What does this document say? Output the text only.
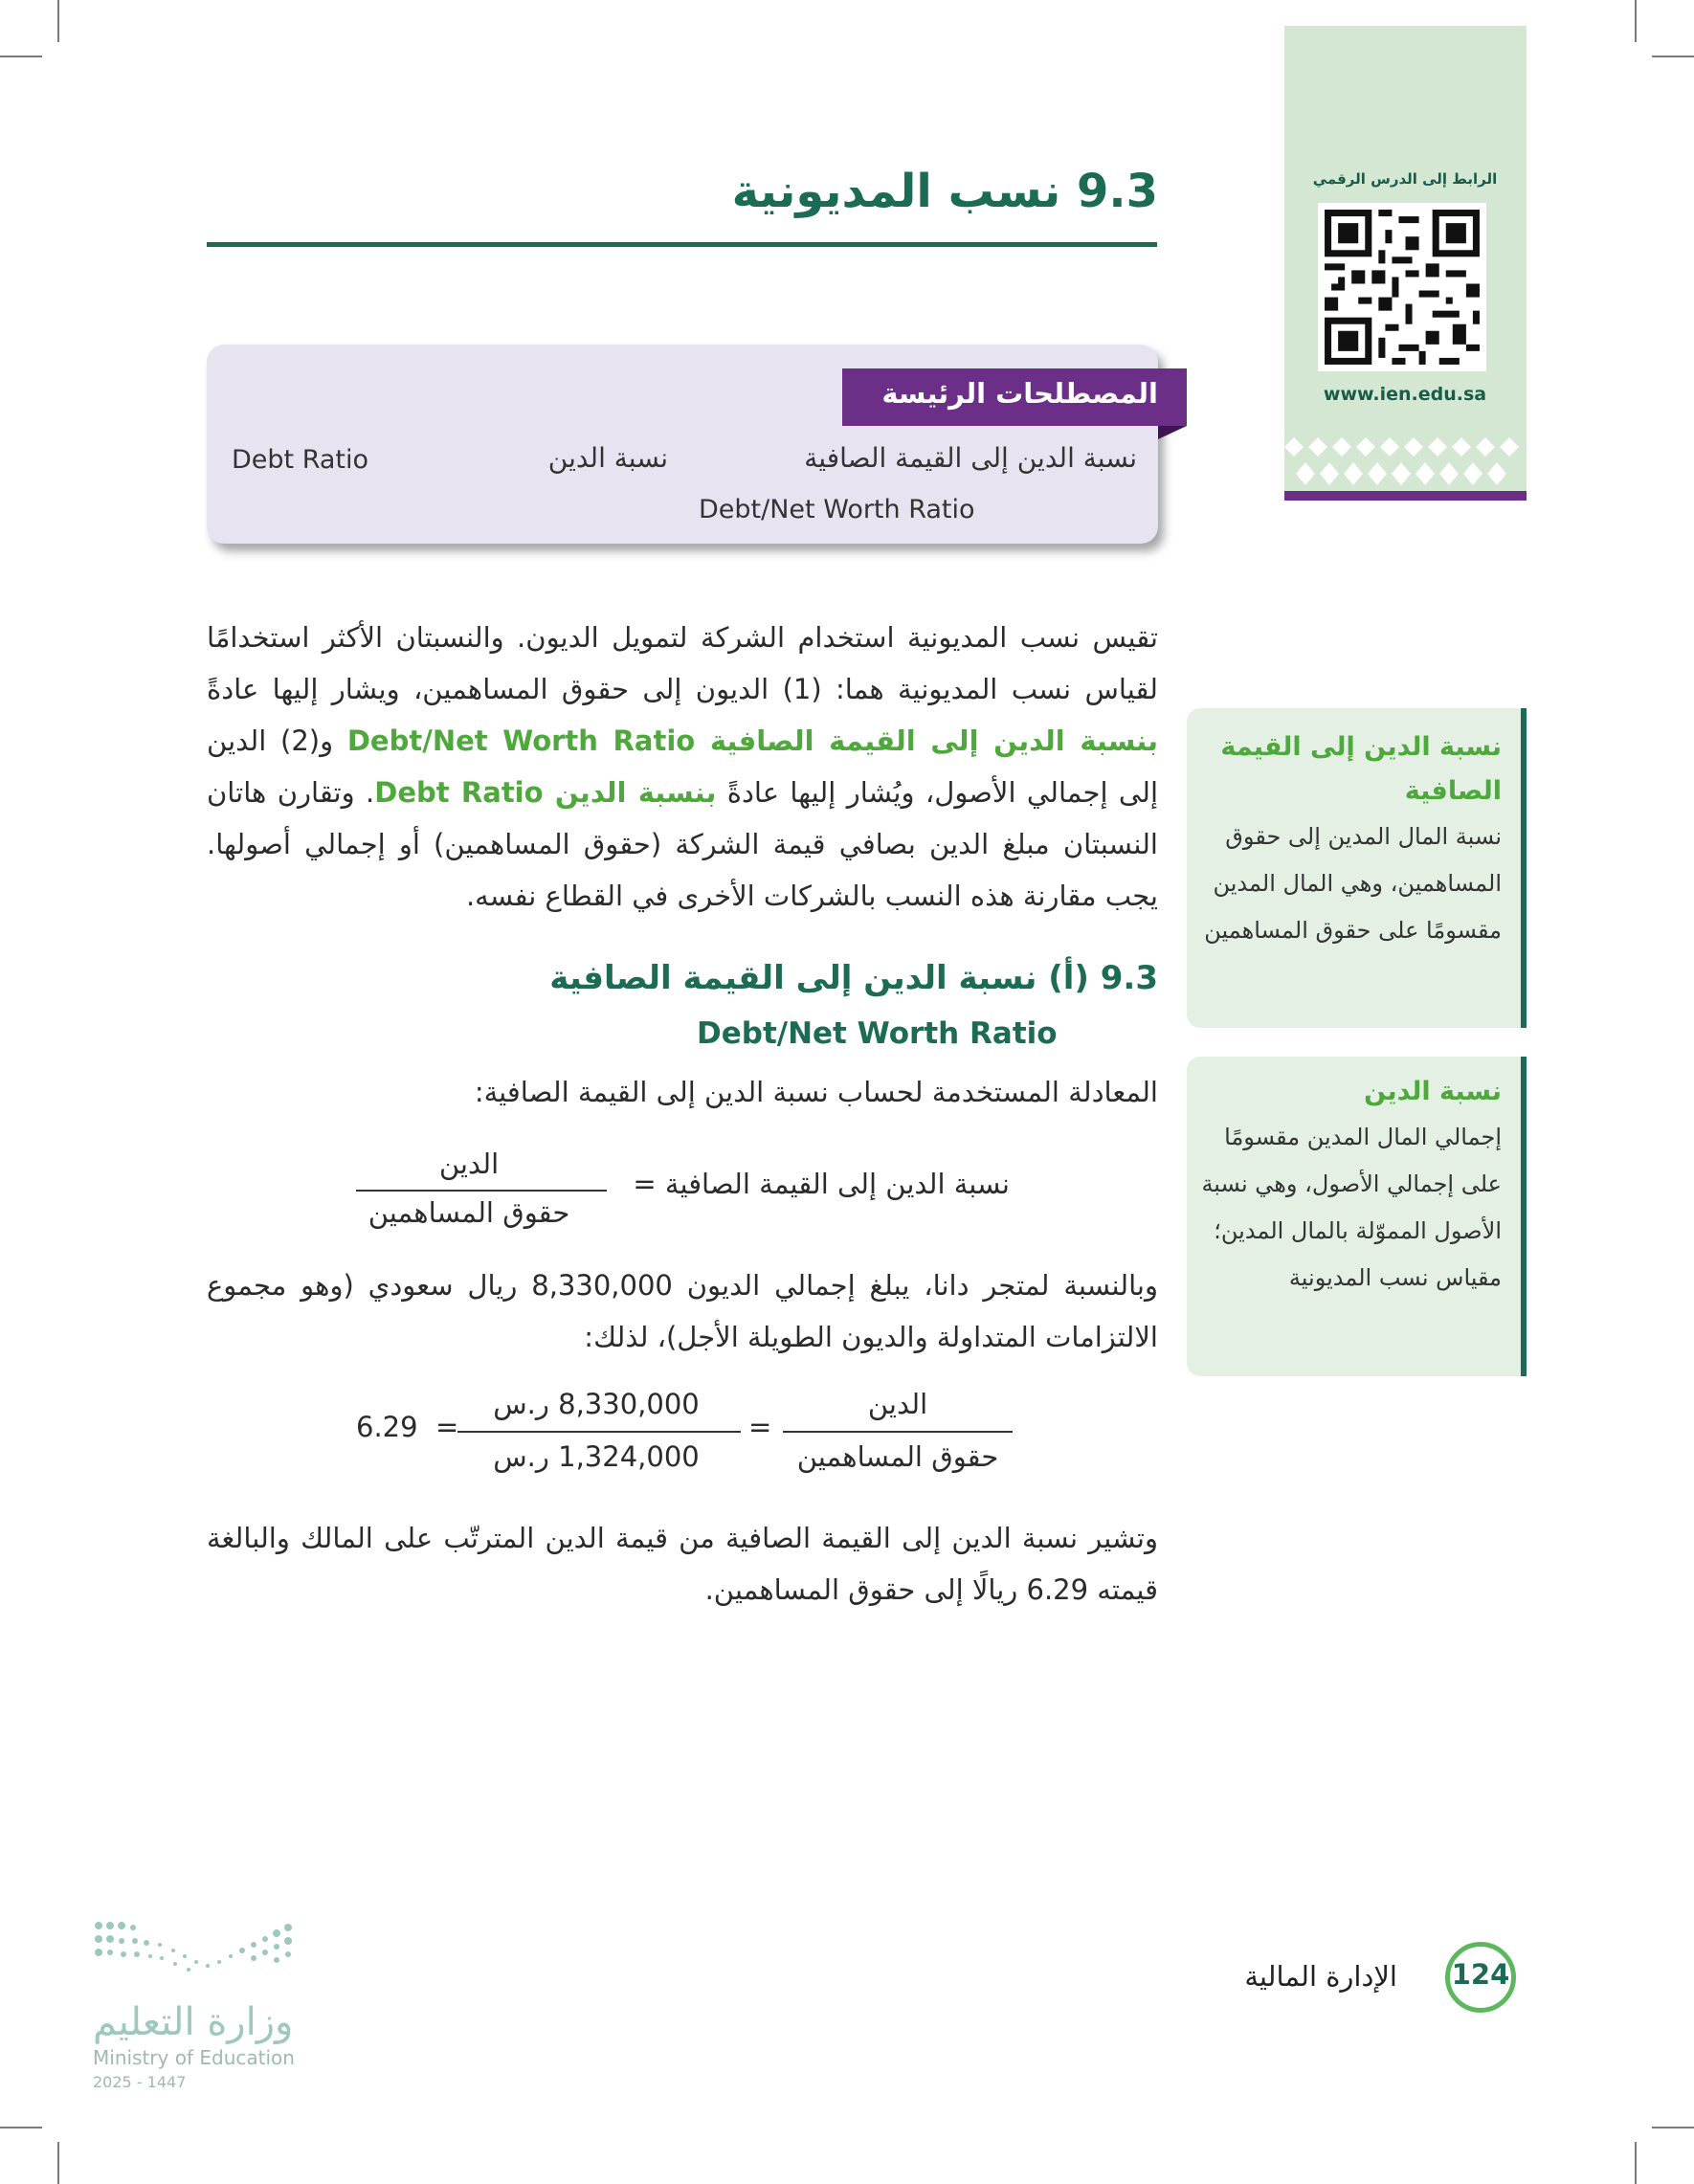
الرابط إلى الدرس الرقمي
www.ien.edu.sa
9.3 نسب المديونية
المصطلحات الرئيسة
نسبة الدين إلى القيمة الصافية
Debt/Net Worth Ratio
نسبة الدين
Debt Ratio
تقيس نسب المديونية استخدام الشركة لتمويل الديون. والنسبتان الأكثر استخدامًا لقياس نسب المديونية هما: (1) الديون إلى حقوق المساهمين، ويشار إليها عادةً بنسبة الدين إلى القيمة الصافية Debt/Net Worth Ratio و(2) الدين إلى إجمالي الأصول، ويُشار إليها عادةً بنسبة الدين Debt Ratio. وتقارن هاتان النسبتان مبلغ الدين بصافي قيمة الشركة (حقوق المساهمين) أو إجمالي أصولها. يجب مقارنة هذه النسب بالشركات الأخرى في القطاع نفسه.
9.3 (أ) نسبة الدين إلى القيمة الصافية
Debt/Net Worth Ratio
المعادلة المستخدمة لحساب نسبة الدين إلى القيمة الصافية:
نسبة الدين إلى القيمة الصافية =
الدين
حقوق المساهمين
وبالنسبة لمتجر دانا، يبلغ إجمالي الديون 8,330,000 ريال سعودي (وهو مجموع الالتزامات المتداولة والديون الطويلة الأجل)، لذلك:
الدين
حقوق المساهمين
=
8,330,000 ر.س
1,324,000 ر.س
=
6.29
وتشير نسبة الدين إلى القيمة الصافية من قيمة الدين المترتّب على المالك والبالغة قيمته 6.29 ريالًا إلى حقوق المساهمين.
نسبة الدين إلى القيمة الصافية
نسبة المال المدين إلى حقوق المساهمين، وهي المال المدين مقسومًا على حقوق المساهمين
نسبة الدين
إجمالي المال المدين مقسومًا على إجمالي الأصول، وهي نسبة الأصول المموّلة بالمال المدين؛ مقياس نسب المديونية
124
الإدارة المالية
وزارة التعليم
Ministry of Education
2025 - 1447
